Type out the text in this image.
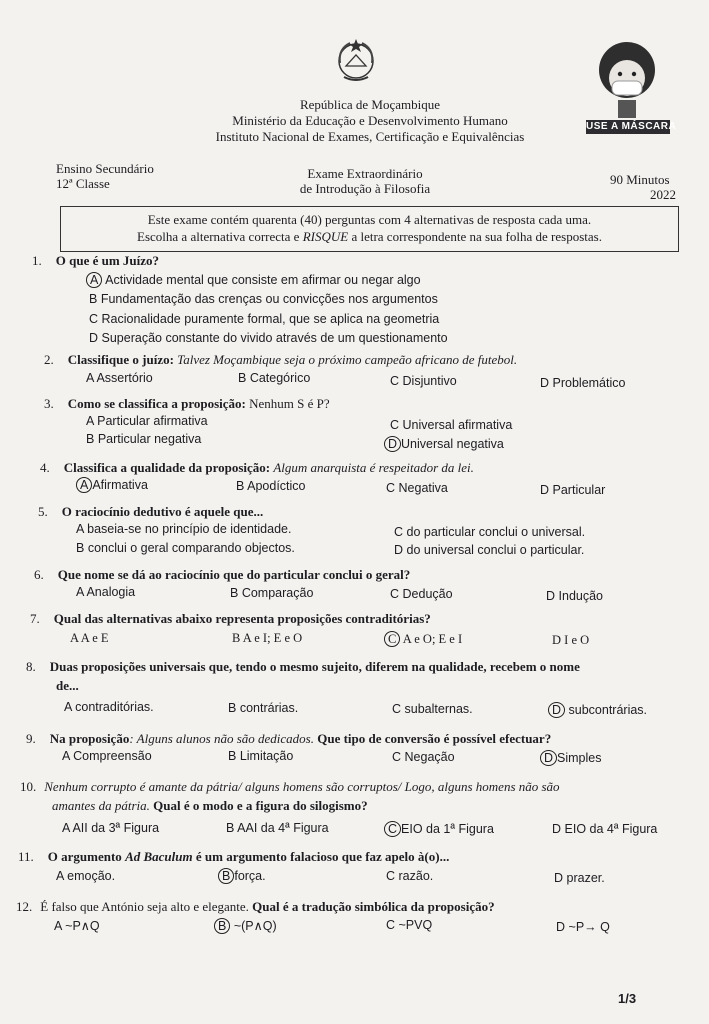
USE A MÁSCARA
República de Moçambique
Ministério da Educação e Desenvolvimento Humano
Instituto Nacional de Exames, Certificação e Equivalências
Ensino Secundário
12ª Classe
Exame Extraordinário
de Introdução à Filosofia
90 Minutos
2022
Este exame contém quarenta (40) perguntas com 4 alternativas de resposta cada uma.
Escolha a alternativa correcta e RISQUE a letra correspondente na sua folha de respostas.
1. O que é um Juízo?
A Actividade mental que consiste em afirmar ou negar algo
B Fundamentação das crenças ou convicções nos argumentos
C Racionalidade puramente formal, que se aplica na geometria
D Superação constante do vivido através de um questionamento
2. Classifique o juízo: Talvez Moçambique seja o próximo campeão africano de futebol.
A Assertório	B Categórico	C Disjuntivo	D Problemático
3. Como se classifica a proposição: Nenhum S é P?
A Particular afirmativa
B Particular negativa
C Universal afirmativa
D Universal negativa
4. Classifica a qualidade da proposição: Algum anarquista é respeitador da lei.
A Afirmativa	B Apodíctico	C Negativa	D Particular
5. O raciocínio dedutivo é aquele que...
A baseia-se no princípio de identidade.
B conclui o geral comparando objectos.
C do particular conclui o universal.
D do universal conclui o particular.
6. Que nome se dá ao raciocínio que do particular conclui o geral?
A Analogia	B Comparação	C Dedução	D Indução
7. Qual das alternativas abaixo representa proposições contraditórias?
A A e E	B A e I; E e O	C A e O; E e I	D I e O
8. Duas proposições universais que, tendo o mesmo sujeito, diferem na qualidade, recebem o nome
de...
A contraditórias.	B contrárias.	C subalternas.	D subcontrárias.
9. Na proposição: Alguns alunos não são dedicados. Que tipo de conversão é possível efectuar?
A Compreensão	B Limitação	C Negação	D Simples
10. Nenhum corrupto é amante da pátria/ alguns homens são corruptos/ Logo, alguns homens não são
amantes da pátria. Qual é o modo e a figura do silogismo?
A AII da 3ª Figura	B AAI da 4ª Figura	C EIO da 1ª Figura	D EIO da 4ª Figura
11. O argumento Ad Baculum é um argumento falacioso que faz apelo à(o)...
A emoção.	B força.	C razão.	D prazer.
12. É falso que António seja alto e elegante. Qual é a tradução simbólica da proposição?
A ~P∧Q	B ~(P∧Q)	C ~PVQ	D ~P→ Q
1/3
